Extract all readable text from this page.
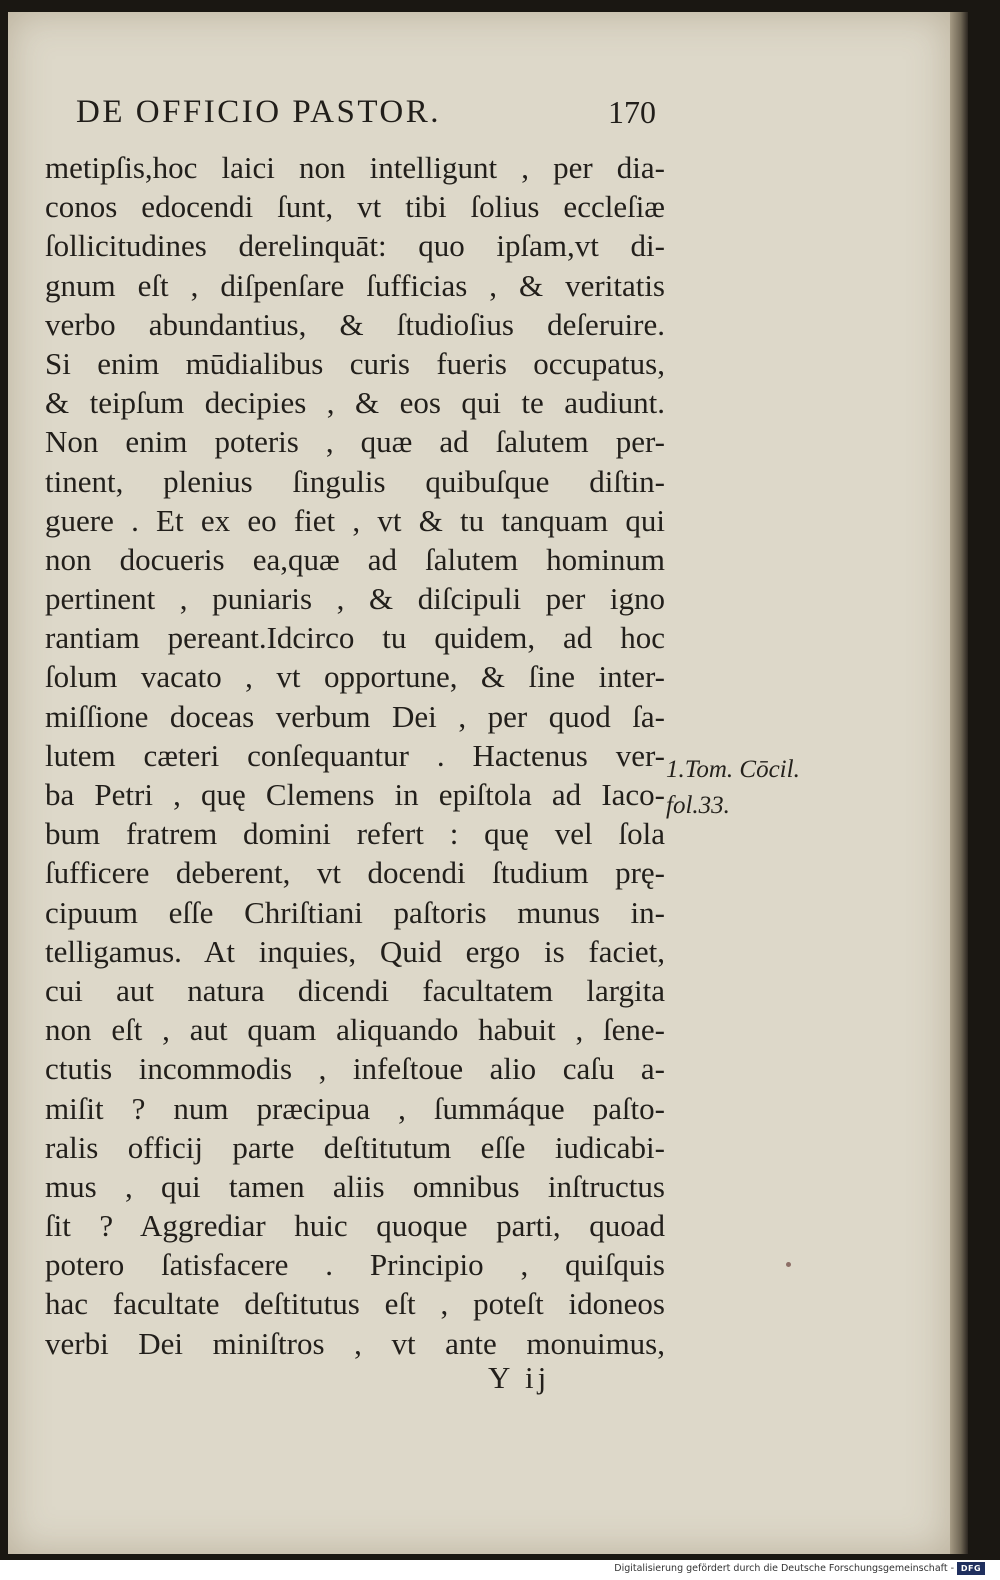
DE OFFICIO PASTOR.	170
metipſis,hoc laici non intelligunt , per dia-
conos edocendi ſunt, vt tibi ſolius eccleſiæ
ſollicitudines derelinquāt: quo ipſam,vt di-
gnum eſt , diſpenſare ſufficias , & veritatis
verbo abundantius, & ſtudioſius deſeruire.
Si enim mūdialibus curis fueris occupatus,
& teipſum decipies , & eos qui te audiunt.
Non enim poteris , quæ ad ſalutem per-
tinent, plenius ſingulis quibuſque diſtin-
guere . Et ex eo fiet , vt & tu tanquam qui
non docueris ea,quæ ad ſalutem hominum
pertinent , puniaris , & diſcipuli per igno
rantiam pereant.Idcirco tu quidem, ad hoc
ſolum vacato , vt opportune, & ſine inter-
miſſione doceas verbum Dei , per quod ſa-
lutem cæteri conſequantur . Hactenus ver-
ba Petri , quę Clemens in epiſtola ad Iaco-
bum fratrem domini refert : quę vel ſola
ſufficere deberent, vt docendi ſtudium prę-
cipuum eſſe Chriſtiani paſtoris munus in-
telligamus. At inquies, Quid ergo is faciet,
cui aut natura dicendi facultatem largita
non eſt , aut quam aliquando habuit , ſene-
ctutis incommodis , infeſtoue alio caſu a-
miſit ? num præcipua , ſummáque paſto-
ralis officij parte deſtitutum eſſe iudicabi-
mus , qui tamen aliis omnibus inſtructus
ſit ? Aggrediar huic quoque parti, quoad
potero ſatisfacere . Principio , quiſquis
hac facultate deſtitutus eſt , poteſt idoneos
verbi Dei miniſtros , vt ante monuimus,
1.Tom. Cōcil.
fol.33.
Y ij
Digitalisierung gefördert durch die Deutsche Forschungsgemeinschaft - DFG
